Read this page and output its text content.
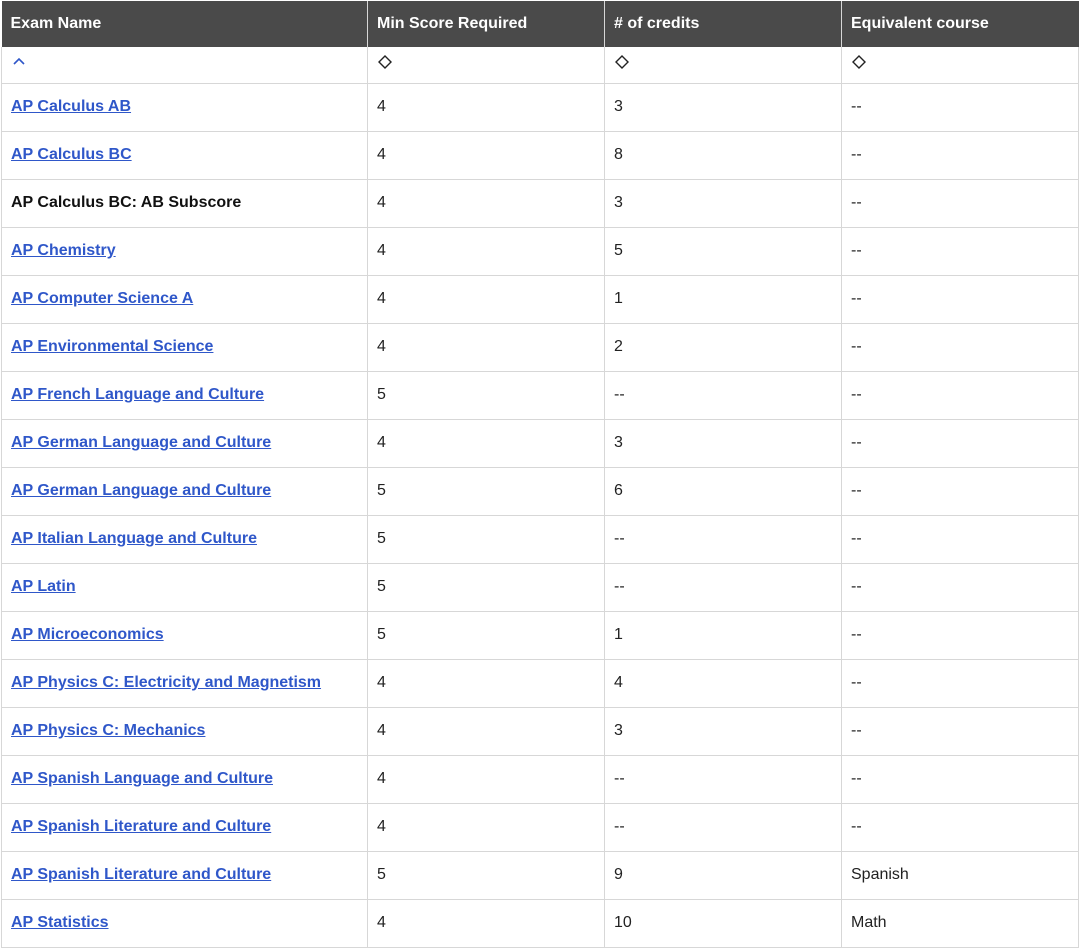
Exam Name	Min Score Required	# of credits	Equivalent course

AP Calculus AB	4	3	--
AP Calculus BC	4	8	--
AP Calculus BC: AB Subscore	4	3	--
AP Chemistry	4	5	--
AP Computer Science A	4	1	--
AP Environmental Science	4	2	--
AP French Language and Culture	5	--	--
AP German Language and Culture	4	3	--
AP German Language and Culture	5	6	--
AP Italian Language and Culture	5	--	--
AP Latin	5	--	--
AP Microeconomics	5	1	--
AP Physics C: Electricity and Magnetism	4	4	--
AP Physics C: Mechanics	4	3	--
AP Spanish Language and Culture	4	--	--
AP Spanish Literature and Culture	4	--	--
AP Spanish Literature and Culture	5	9	Spanish
AP Statistics	4	10	Math
